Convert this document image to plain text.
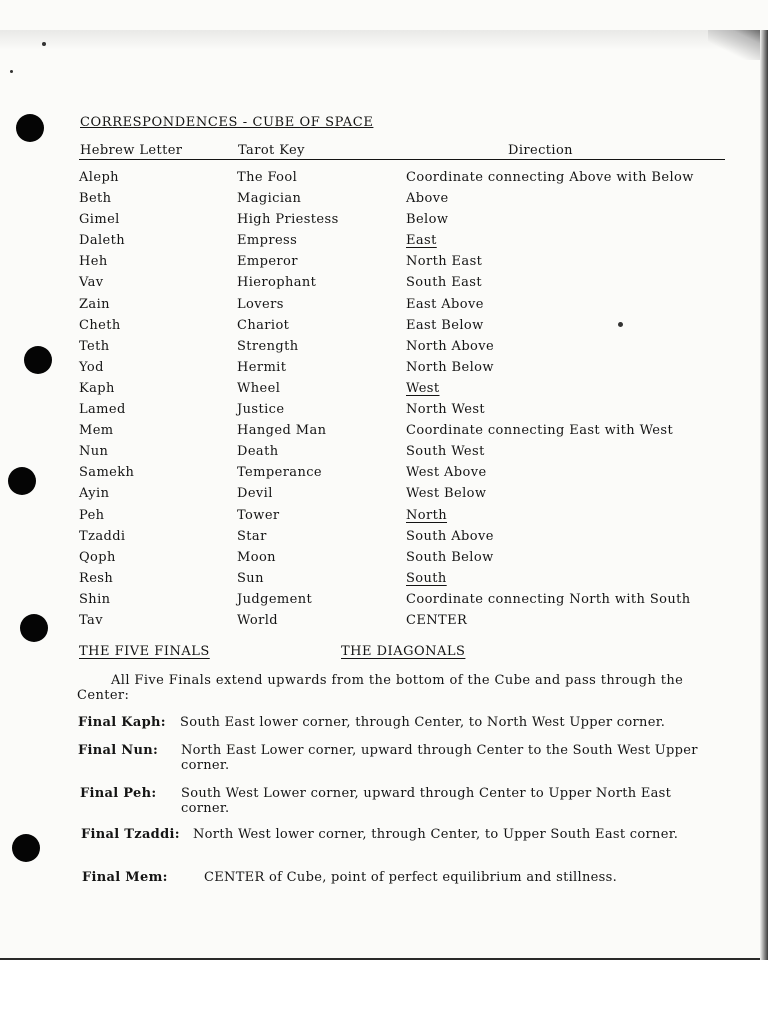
CORRESPONDENCES - CUBE OF SPACE
Hebrew Letter	Tarot Key	Direction
Aleph	The Fool	Coordinate connecting Above with Below
Beth	Magician	Above
Gimel	High Priestess	Below
Daleth	Empress	East
Heh	Emperor	North East
Vav	Hierophant	South East
Zain	Lovers	East Above
Cheth	Chariot	East Below
Teth	Strength	North Above
Yod	Hermit	North Below
Kaph	Wheel	West
Lamed	Justice	North West
Mem	Hanged Man	Coordinate connecting East with West
Nun	Death	South West
Samekh	Temperance	West Above
Ayin	Devil	West Below
Peh	Tower	North
Tzaddi	Star	South Above
Qoph	Moon	South Below
Resh	Sun	South
Shin	Judgement	Coordinate connecting North with South
Tav	World	CENTER
THE FIVE FINALS	THE DIAGONALS
All Five Finals extend upwards from the bottom of the Cube and pass through the Center:
Final Kaph: South East lower corner, through Center, to North West Upper corner.
Final Nun: North East Lower corner, upward through Center to the South West Upper corner.
Final Peh: South West Lower corner, upward through Center to Upper North East corner.
Final Tzaddi: North West lower corner, through Center, to Upper South East corner.
Final Mem:	CENTER of Cube, point of perfect equilibrium and stillness.
